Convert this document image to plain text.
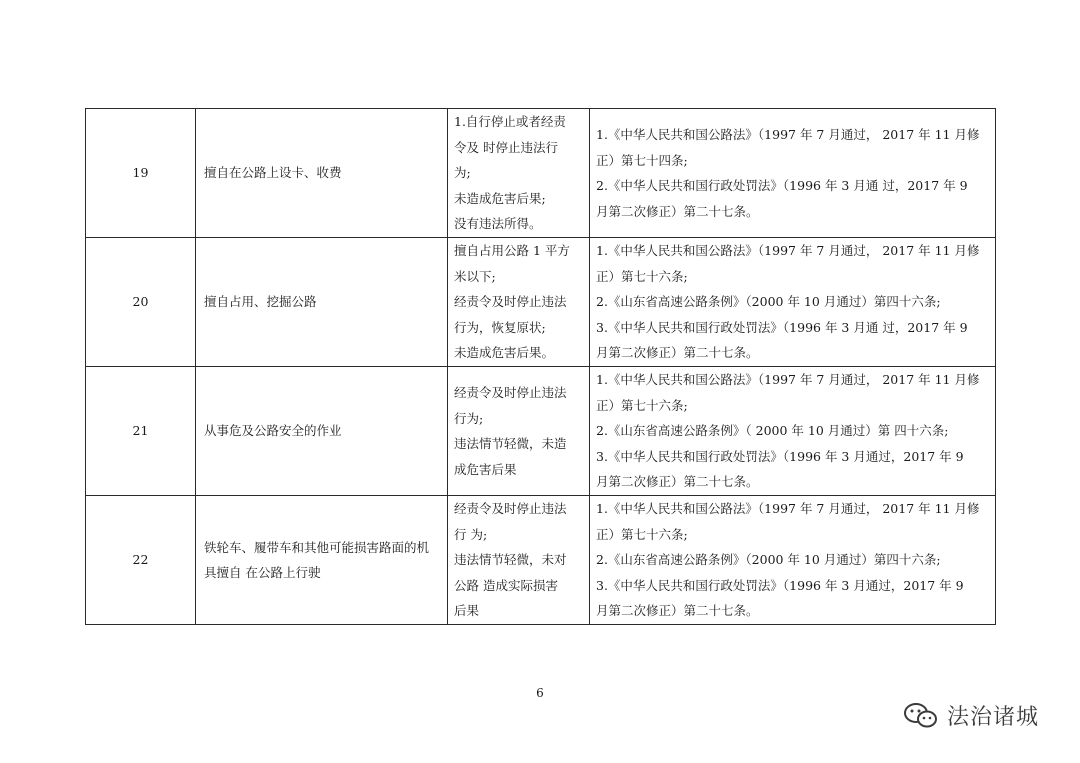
19	擅自在公路上设卡、收费	1.自行停止或者经责
令及 时停止违法行
为;
未造成危害后果;
没有违法所得。	1.《中华人民共和国公路法》（1997 年 7 月通过， 2017 年 11 月修
正）第七十四条;
2.《中华人民共和国行政处罚法》（1996 年 3 月通 过，2017 年 9
月第二次修正）第二十七条。

20	擅自占用、挖掘公路	擅自占用公路 1 平方
米以下;
经责令及时停止违法
行为，恢复原状;
未造成危害后果。	1.《中华人民共和国公路法》（1997 年 7 月通过， 2017 年 11 月修
正）第七十六条;
2.《山东省高速公路条例》（2000 年 10 月通过）第四十六条;
3.《中华人民共和国行政处罚法》（1996 年 3 月通 过，2017 年 9
月第二次修正）第二十七条。

21	从事危及公路安全的作业	经责令及时停止违法
行为;
违法情节轻微，未造
成危害后果	1.《中华人民共和国公路法》（1997 年 7 月通过， 2017 年 11 月修
正）第七十六条;
2.《山东省高速公路条例》（ 2000 年 10 月通过）第 四十六条;
3.《中华人民共和国行政处罚法》（1996 年 3 月通过，2017 年 9
月第二次修正）第二十七条。

22	铁轮车、履带车和其他可能损害路面的机
具擅自 在公路上行驶	经责令及时停止违法
行 为;
违法情节轻微，未对
公路 造成实际损害
后果	1.《中华人民共和国公路法》（1997 年 7 月通过， 2017 年 11 月修
正）第七十六条;
2.《山东省高速公路条例》（2000 年 10 月通过）第四十六条;
3.《中华人民共和国行政处罚法》（1996 年 3 月通过，2017 年 9
月第二次修正）第二十七条。
6
法治诸城
